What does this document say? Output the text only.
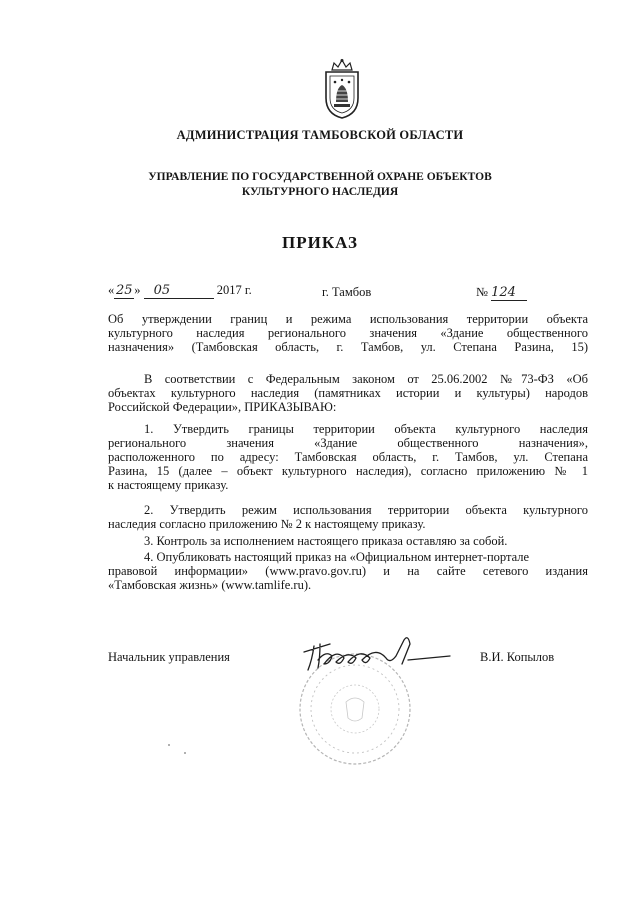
АДМИНИСТРАЦИЯ ТАМБОВСКОЙ ОБЛАСТИ
УПРАВЛЕНИЕ ПО ГОСУДАРСТВЕННОЙ ОХРАНЕ ОБЪЕКТОВ
КУЛЬТУРНОГО НАСЛЕДИЯ
ПРИКАЗ
« 25 » 05	2017 г.	г. Тамбов	№ 124

Об утверждении границ и режима использования территории объекта

культурного наследия регионального значения «Здание общественного

назначения» (Тамбовская область, г. Тамбов, ул. Степана Разина, 15)

В соответствии с Федеральным законом от 25.06.2002 №73-ФЗ «Об

объектах культурного наследия (памятниках истории и культуры) народов

Российской Федерации», ПРИКАЗЫВАЮ:

1. Утвердить границы территории объекта культурного наследия

регионального значения «Здание общественного назначения»,

расположенного по адресу: Тамбовская область, г. Тамбов, ул. Степана

Разина, 15 (далее – объект культурного наследия), согласно приложению № 1

к настоящему приказу.

2. Утвердить режим использования территории объекта культурного

наследия согласно приложению № 2 к настоящему приказу.

3. Контроль за исполнением настоящего приказа оставляю за собой.

4. Опубликовать настоящий приказ на «Официальном интернет-портале

правовой информации» (www.pravo.gov.ru) и на сайте сетевого издания

«Тамбовская жизнь» (www.tamlife.ru).

Начальник управления	В.И. Копылов
